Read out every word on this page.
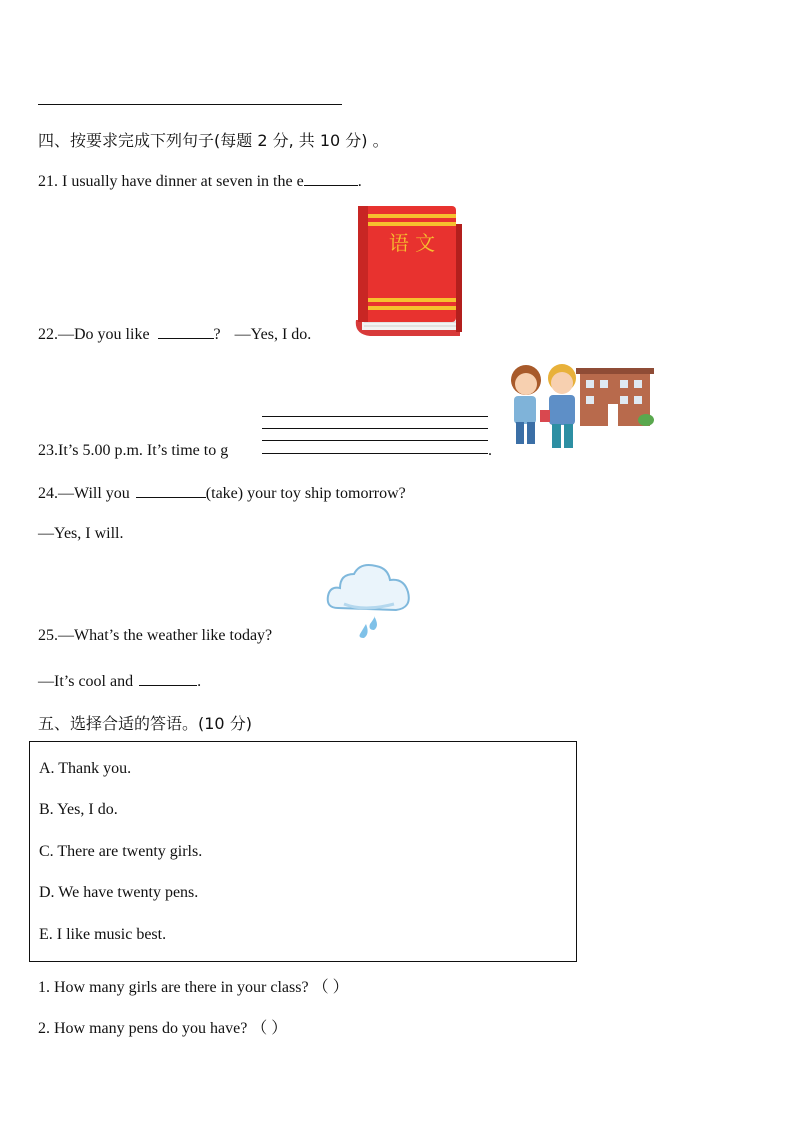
四、按要求完成下列句子(每题 2 分, 共 10 分) 。
21. I usually have dinner at seven in the e	.
语 文
22.—Do you like	? —Yes, I do.
23.It’s 5.00 p.m. It’s time to g	.
24.—Will you	(take) your toy ship tomorrow?
—Yes, I will.
25.—What’s the weather like today?
—It’s cool and	.
五、选择合适的答语。(10 分)
A. Thank you.
B. Yes, I do.
C. There are twenty girls.
D. We have twenty pens.
E. I like music best.
1. How many girls are there in your class? （ ）
2. How many pens do you have? （ ）
